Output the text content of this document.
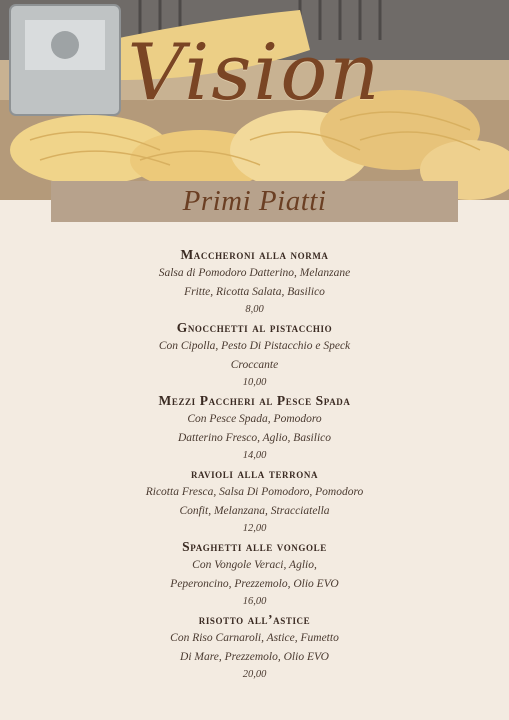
Vision
Primi Piatti
Maccheroni alla norma
Salsa di Pomodoro Datterino, Melanzane
Fritte, Ricotta Salata, Basilico
8,00
Gnocchetti al pistacchio
Con Cipolla, Pesto Di Pistacchio e Speck
Croccante
10,00
Mezzi Paccheri al Pesce Spada
Con Pesce Spada, Pomodoro
Datterino Fresco, Aglio, Basilico
14,00
ravioli alla terrona
Ricotta Fresca, Salsa Di Pomodoro, Pomodoro
Confit, Melanzana, Stracciatella
12,00
Spaghetti alle vongole
Con Vongole Veraci, Aglio,
Peperoncino, Prezzemolo, Olio EVO
16,00
risotto all’astice
Con Riso Carnaroli, Astice, Fumetto
Di Mare, Prezzemolo, Olio EVO
20,00
